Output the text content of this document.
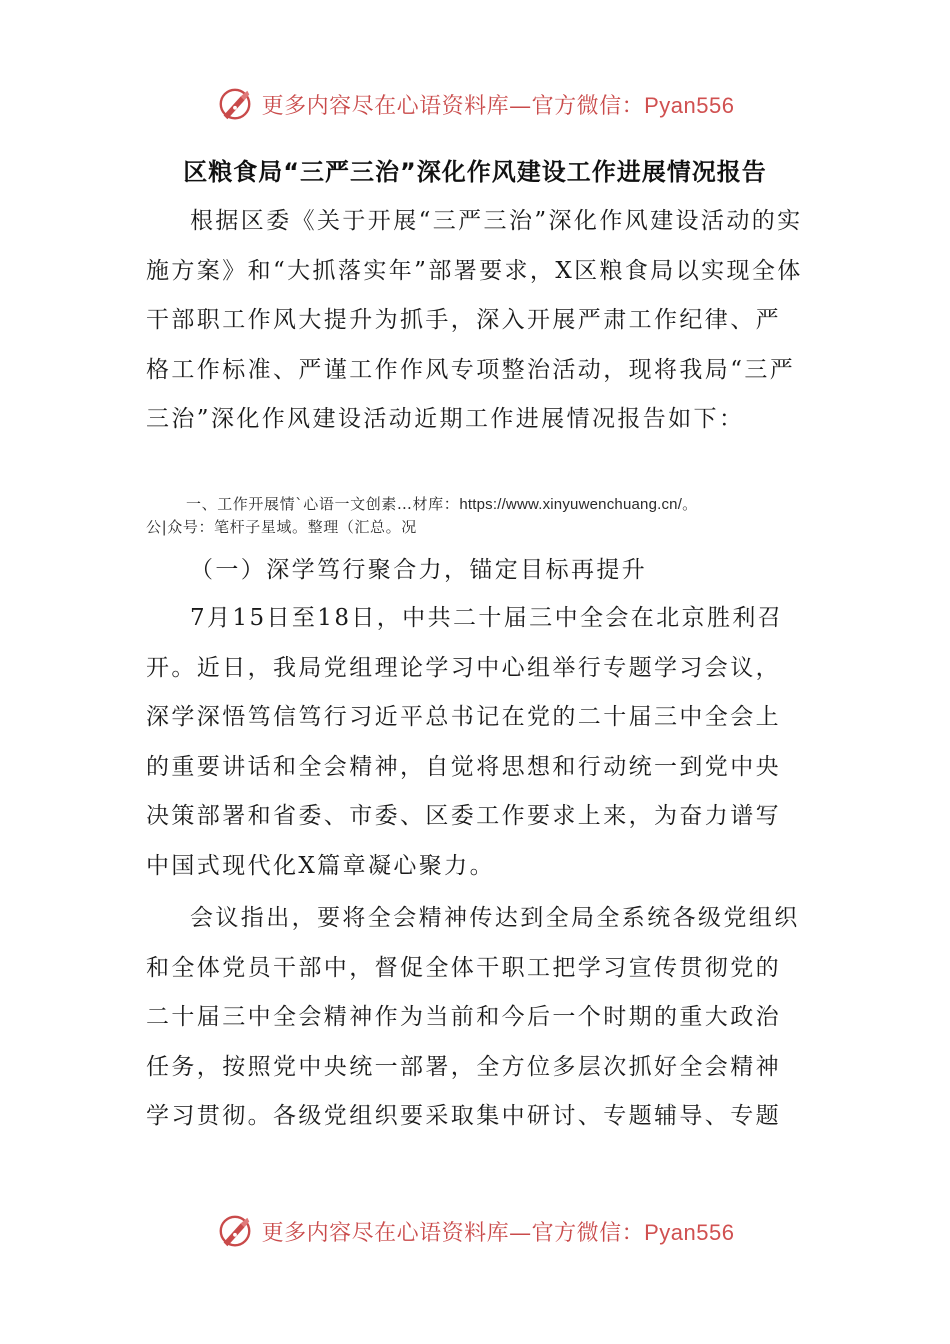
更多内容尽在心语资料库—官方微信：Pyan556
区粮食局“三严三治”深化作风建设工作进展情况报告

根据区委《关于开展“三严三治”深化作风建设活动的实施方案》和“大抓落实年”部署要求，X区粮食局以实现全体干部职工作风大提升为抓手，深入开展严肃工作纪律、严格工作标准、严谨工作作风专项整治活动，现将我局“三严三治”深化作风建设活动近期工作进展情况报告如下：

一、工作开展情`心语一文创素…材库：https://www.xinyuwenchuang.cn/。
公|众号：笔杆子星域。整理（汇总。况

（一）深学笃行聚合力，锚定目标再提升

7月15日至18日，中共二十届三中全会在北京胜利召开。近日，我局党组理论学习中心组举行专题学习会议，深学深悟笃信笃行习近平总书记在党的二十届三中全会上的重要讲话和全会精神，自觉将思想和行动统一到党中央决策部署和省委、市委、区委工作要求上来，为奋力谱写中国式现代化X篇章凝心聚力。

会议指出，要将全会精神传达到全局全系统各级党组织和全体党员干部中，督促全体干职工把学习宣传贯彻党的二十届三中全会精神作为当前和今后一个时期的重大政治任务，按照党中央统一部署，全方位多层次抓好全会精神学习贯彻。各级党组织要采取集中研讨、专题辅导、专题

更多内容尽在心语资料库—官方微信：Pyan556
